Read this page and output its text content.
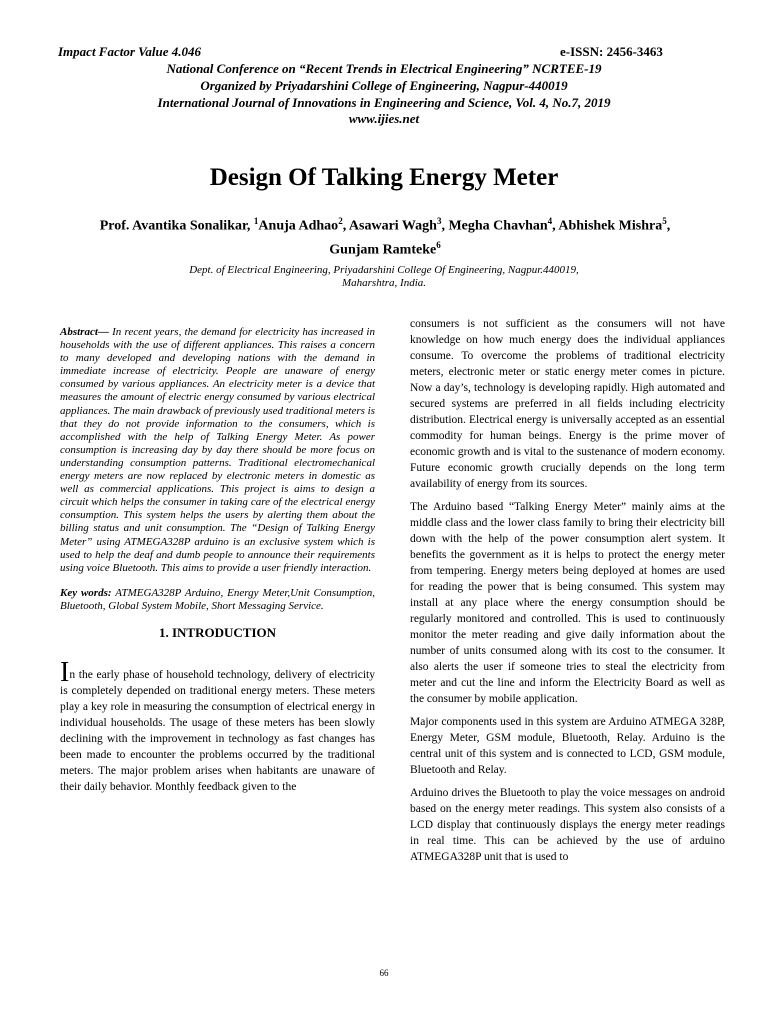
Impact Factor Value 4.046	e-ISSN: 2456-3463
National Conference on “Recent Trends in Electrical Engineering” NCRTEE-19
Organized by Priyadarshini College of Engineering, Nagpur-440019
International Journal of Innovations in Engineering and Science, Vol. 4, No.7, 2019
www.ijies.net
Design Of Talking Energy Meter
Prof. Avantika Sonalikar, $^1$Anuja Adhao$^2$, Asawari Wagh$^3$, Megha Chavhan$^4$, Abhishek Mishra$^5$,
Gunjam Ramteke$^6$
Dept. of Electrical Engineering, Priyadarshini College Of Engineering, Nagpur.440019,
Maharshtra, India.

Abstract— In recent years, the demand for electricity has increased in households with the use of different appliances. This raises a concern to many developed and developing nations with the demand in immediate increase of electricity. People are unaware of energy consumed by various appliances. An electricity meter is a device that measures the amount of electric energy consumed by various electrical appliances. The main drawback of previously used traditional meters is that they do not provide information to the consumers, which is accomplished with the help of Talking Energy Meter. As power consumption is increasing day by day there should be more focus on understanding consumption patterns. Traditional electromechanical energy meters are now replaced by electronic meters in domestic as well as commercial applications. This project is aims to design a circuit which helps the consumer in taking care of the electrical energy consumption. This system helps the users by alerting them about the billing status and unit consumption. The “Design of Talking Energy Meter” using ATMEGA328P arduino is an exclusive system which is used to help the deaf and dumb people to announce their requirements using voice Bluetooth. This aims to provide a user friendly interaction.

Key words: ATMEGA328P Arduino, Energy Meter,Unit Consumption, Bluetooth, Global System Mobile, Short Messaging Service.

1. INTRODUCTION

In the early phase of household technology, delivery of electricity is completely depended on traditional energy meters. These meters play a key role in measuring the consumption of electrical energy in individual households. The usage of these meters has been slowly declining with the improvement in technology as fast changes has been made to encounter the problems occurred by the traditional meters. The major problem arises when habitants are unaware of their daily behavior. Monthly feedback given to the

consumers is not sufficient as the consumers will not have knowledge on how much energy does the individual appliances consume. To overcome the problems of traditional electricity meters, electronic meter or static energy meter comes in picture. Now a day’s, technology is developing rapidly. High automated and secured systems are preferred in all fields including electricity distribution. Electrical energy is universally accepted as an essential commodity for human beings. Energy is the prime mover of economic growth and is vital to the sustenance of modern economy. Future economic growth crucially depends on the long term availability of energy from its sources.

The Arduino based “Talking Energy Meter” mainly aims at the middle class and the lower class family to bring their electricity bill down with the help of the power consumption alert system. It benefits the government as it is helps to protect the energy meter from tempering. Energy meters being deployed at homes are used for reading the power that is being consumed. This system may install at any place where the energy consumption should be regularly monitored and controlled. This is used to continuously monitor the meter reading and give daily information about the number of units consumed along with its cost to the consumer. It also alerts the user if someone tries to steal the electricity from meter and cut the line and inform the Electricity Board as well as the consumer by mobile application.

Major components used in this system are Arduino ATMEGA 328P, Energy Meter, GSM module, Bluetooth, Relay. Arduino is the central unit of this system and is connected to LCD, GSM module, Bluetooth and Relay.

Arduino drives the Bluetooth to play the voice messages on android based on the energy meter readings. This system also consists of a LCD display that continuously displays the energy meter readings in real time. This can be achieved by the use of arduino ATMEGA328P unit that is used to

66
